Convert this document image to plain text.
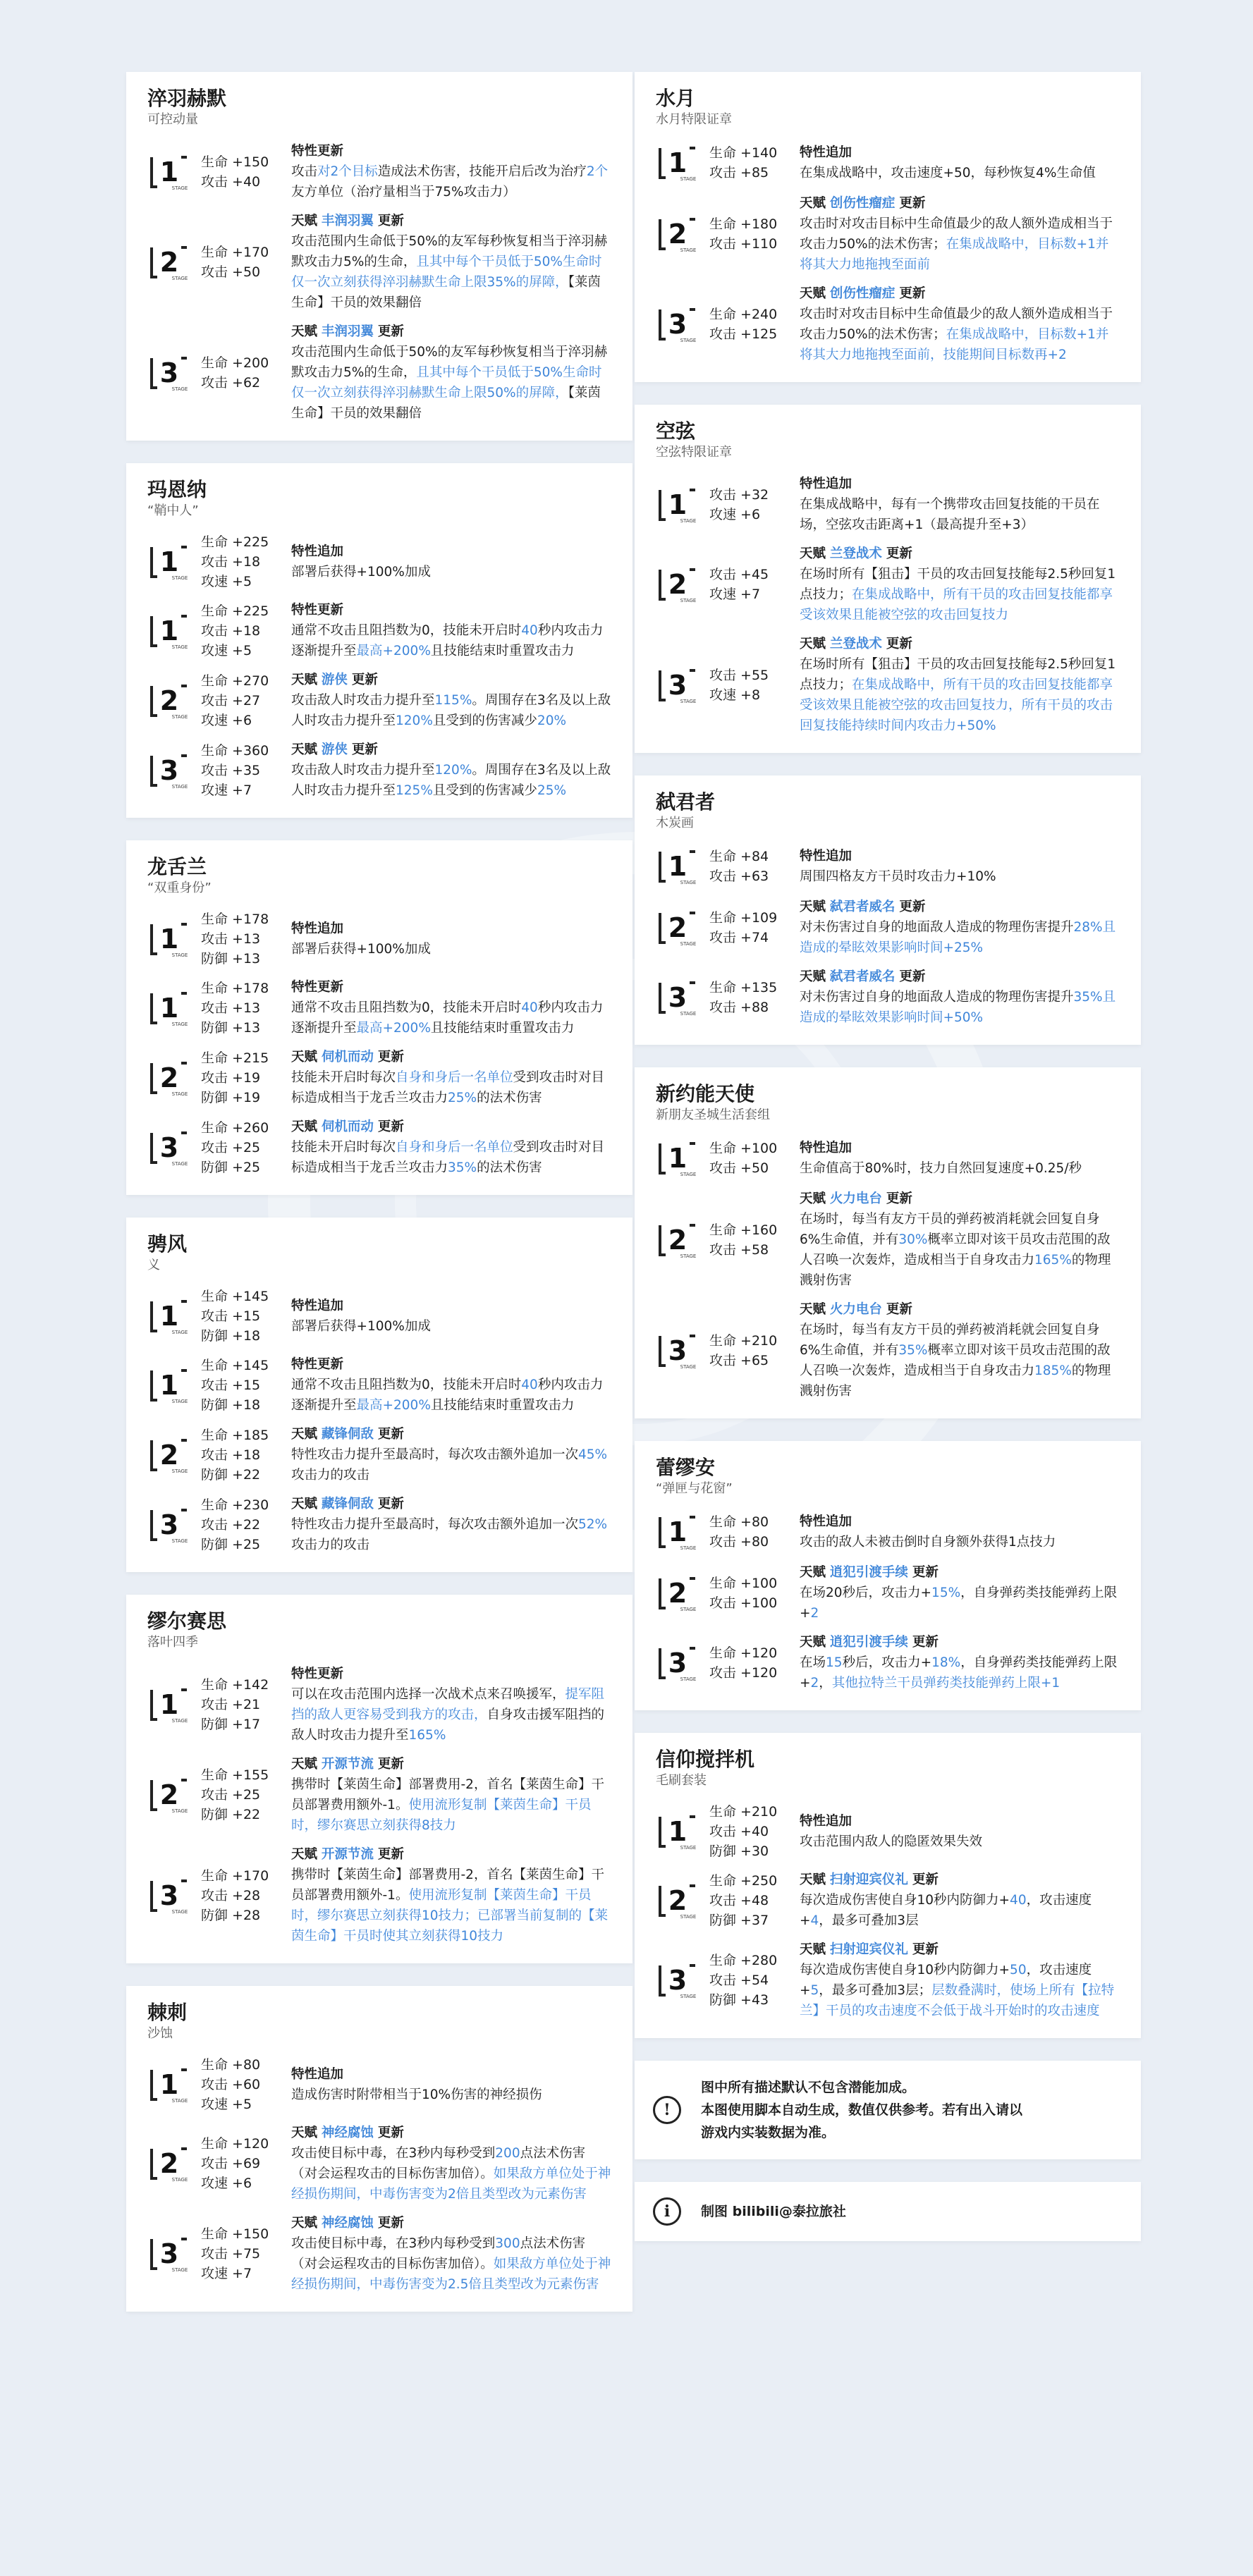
淬羽赫默
可控动量
1
STAGE
生命 +150
攻击 +40
特性更新
攻击对2个目标造成法术伤害，技能开启后改为治疗2个友方单位（治疗量相当于75%攻击力）
2
STAGE
生命 +170
攻击 +50
天赋 丰润羽翼 更新
攻击范围内生命低于50%的友军每秒恢复相当于淬羽赫默攻击力5%的生命，且其中每个干员低于50%生命时仅一次立刻获得淬羽赫默生命上限35%的屏障，【莱茵生命】干员的效果翻倍
3
STAGE
生命 +200
攻击 +62
天赋 丰润羽翼 更新
攻击范围内生命低于50%的友军每秒恢复相当于淬羽赫默攻击力5%的生命，且其中每个干员低于50%生命时仅一次立刻获得淬羽赫默生命上限50%的屏障，【莱茵生命】干员的效果翻倍
玛恩纳
“鞘中人”
1
STAGE
生命 +225
攻击 +18
攻速 +5
特性追加
部署后获得+100%加成
1
STAGE
生命 +225
攻击 +18
攻速 +5
特性更新
通常不攻击且阻挡数为0，技能未开启时40秒内攻击力逐渐提升至最高+200%且技能结束时重置攻击力
2
STAGE
生命 +270
攻击 +27
攻速 +6
天赋 游侠 更新
攻击敌人时攻击力提升至115%。周围存在3名及以上敌人时攻击力提升至120%且受到的伤害减少20%
3
STAGE
生命 +360
攻击 +35
攻速 +7
天赋 游侠 更新
攻击敌人时攻击力提升至120%。周围存在3名及以上敌人时攻击力提升至125%且受到的伤害减少25%
龙舌兰
“双重身份”
1
STAGE
生命 +178
攻击 +13
防御 +13
特性追加
部署后获得+100%加成
1
STAGE
生命 +178
攻击 +13
防御 +13
特性更新
通常不攻击且阻挡数为0，技能未开启时40秒内攻击力逐渐提升至最高+200%且技能结束时重置攻击力
2
STAGE
生命 +215
攻击 +19
防御 +19
天赋 伺机而动 更新
技能未开启时每次自身和身后一名单位受到攻击时对目标造成相当于龙舌兰攻击力25%的法术伤害
3
STAGE
生命 +260
攻击 +25
防御 +25
天赋 伺机而动 更新
技能未开启时每次自身和身后一名单位受到攻击时对目标造成相当于龙舌兰攻击力35%的法术伤害
骋风
义
1
STAGE
生命 +145
攻击 +15
防御 +18
特性追加
部署后获得+100%加成
1
STAGE
生命 +145
攻击 +15
防御 +18
特性更新
通常不攻击且阻挡数为0，技能未开启时40秒内攻击力逐渐提升至最高+200%且技能结束时重置攻击力
2
STAGE
生命 +185
攻击 +18
防御 +22
天赋 藏锋侗敌 更新
特性攻击力提升至最高时，每次攻击额外追加一次45%攻击力的攻击
3
STAGE
生命 +230
攻击 +22
防御 +25
天赋 藏锋侗敌 更新
特性攻击力提升至最高时，每次攻击额外追加一次52%攻击力的攻击
缪尔赛思
落叶四季
1
STAGE
生命 +142
攻击 +21
防御 +17
特性更新
可以在攻击范围内选择一次战术点来召唤援军，提军阻挡的敌人更容易受到我方的攻击，自身攻击援军阻挡的敌人时攻击力提升至165%
2
STAGE
生命 +155
攻击 +25
防御 +22
天赋 开源节流 更新
携带时【莱茵生命】部署费用-2，首名【莱茵生命】干员部署费用额外-1。使用流形复制【莱茵生命】干员时，缪尔赛思立刻获得8技力
3
STAGE
生命 +170
攻击 +28
防御 +28
天赋 开源节流 更新
携带时【莱茵生命】部署费用-2，首名【莱茵生命】干员部署费用额外-1。使用流形复制【莱茵生命】干员时，缪尔赛思立刻获得10技力；已部署当前复制的【莱茵生命】干员时使其立刻获得10技力
棘刺
沙蚀
1
STAGE
生命 +80
攻击 +60
攻速 +5
特性追加
造成伤害时附带相当于10%伤害的神经损伤
2
STAGE
生命 +120
攻击 +69
攻速 +6
天赋 神经腐蚀 更新
攻击使目标中毒，在3秒内每秒受到200点法术伤害（对会运程攻击的目标伤害加倍）。如果敌方单位处于神经损伤期间，中毒伤害变为2倍且类型改为元素伤害
3
STAGE
生命 +150
攻击 +75
攻速 +7
天赋 神经腐蚀 更新
攻击使目标中毒，在3秒内每秒受到300点法术伤害（对会运程攻击的目标伤害加倍）。如果敌方单位处于神经损伤期间，中毒伤害变为2.5倍且类型改为元素伤害
水月
水月特限证章
1
STAGE
生命 +140
攻击 +85
特性追加
在集成战略中，攻击速度+50，每秒恢复4%生命值
2
STAGE
生命 +180
攻击 +110
天赋 创伤性瘤症 更新
攻击时对攻击目标中生命值最少的敌人额外造成相当于攻击力50%的法术伤害；在集成战略中，目标数+1并将其大力地拖拽至面前
3
STAGE
生命 +240
攻击 +125
天赋 创伤性瘤症 更新
攻击时对攻击目标中生命值最少的敌人额外造成相当于攻击力50%的法术伤害；在集成战略中，目标数+1并将其大力地拖拽至面前，技能期间目标数再+2
空弦
空弦特限证章
1
STAGE
攻击 +32
攻速 +6
特性追加
在集成战略中，每有一个携带攻击回复技能的干员在场，空弦攻击距离+1（最高提升至+3）
2
STAGE
攻击 +45
攻速 +7
天赋 兰登战术 更新
在场时所有【狙击】干员的攻击回复技能每2.5秒回复1点技力；在集成战略中，所有干员的攻击回复技能都享受该效果且能被空弦的攻击回复技力
3
STAGE
攻击 +55
攻速 +8
天赋 兰登战术 更新
在场时所有【狙击】干员的攻击回复技能每2.5秒回复1点技力；在集成战略中，所有干员的攻击回复技能都享受该效果且能被空弦的攻击回复技力，所有干员的攻击回复技能持续时间内攻击力+50%
弑君者
木炭画
1
STAGE
生命 +84
攻击 +63
特性追加
周围四格友方干员时攻击力+10%
2
STAGE
生命 +109
攻击 +74
天赋 弑君者威名 更新
对未伤害过自身的地面敌人造成的物理伤害提升28%且造成的晕眩效果影响时间+25%
3
STAGE
生命 +135
攻击 +88
天赋 弑君者威名 更新
对未伤害过自身的地面敌人造成的物理伤害提升35%且造成的晕眩效果影响时间+50%
新约能天使
新朋友圣城生活套组
1
STAGE
生命 +100
攻击 +50
特性追加
生命值高于80%时，技力自然回复速度+0.25/秒
2
STAGE
生命 +160
攻击 +58
天赋 火力电台 更新
在场时，每当有友方干员的弹药被消耗就会回复自身6%生命值，并有30%概率立即对该干员攻击范围的敌人召唤一次轰炸，造成相当于自身攻击力165%的物理溅射伤害
3
STAGE
生命 +210
攻击 +65
天赋 火力电台 更新
在场时，每当有友方干员的弹药被消耗就会回复自身6%生命值，并有35%概率立即对该干员攻击范围的敌人召唤一次轰炸，造成相当于自身攻击力185%的物理溅射伤害
蕾缪安
“弹匣与花窗”
1
STAGE
生命 +80
攻击 +80
特性追加
攻击的敌人未被击倒时自身额外获得1点技力
2
STAGE
生命 +100
攻击 +100
天赋 逍犯引渡手续 更新
在场20秒后，攻击力+15%，自身弹药类技能弹药上限+2
3
STAGE
生命 +120
攻击 +120
天赋 逍犯引渡手续 更新
在场15秒后，攻击力+18%，自身弹药类技能弹药上限+2，其他拉特兰干员弹药类技能弹药上限+1
信仰搅拌机
毛刷套装
1
STAGE
生命 +210
攻击 +40
防御 +30
特性追加
攻击范围内敌人的隐匿效果失效
2
STAGE
生命 +250
攻击 +48
防御 +37
天赋 扫射迎宾仪礼 更新
每次造成伤害使自身10秒内防御力+40，攻击速度+4，最多可叠加3层
3
STAGE
生命 +280
攻击 +54
防御 +43
天赋 扫射迎宾仪礼 更新
每次造成伤害使自身10秒内防御力+50，攻击速度+5，最多可叠加3层；层数叠满时，使场上所有【拉特兰】干员的攻击速度不会低于战斗开始时的攻击速度
!
图中所有描述默认不包含潜能加成。
本图使用脚本自动生成，数值仅供参考。若有出入请以
游戏内实装数据为准。
i	制图 bilibili@泰拉旅社
